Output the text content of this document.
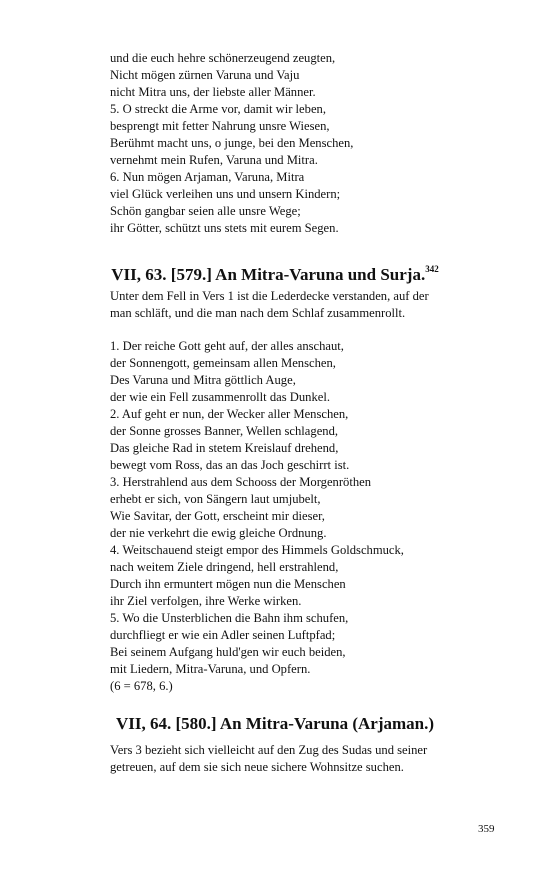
und die euch hehre schönerzeugend zeugten,
Nicht mögen zürnen Varuna und Vaju
nicht Mitra uns, der liebste aller Männer.
5. O streckt die Arme vor, damit wir leben,
besprengt mit fetter Nahrung unsre Wiesen,
Berühmt macht uns, o junge, bei den Menschen,
vernehmt mein Rufen, Varuna und Mitra.
6. Nun mögen Arjaman, Varuna, Mitra
viel Glück verleihen uns und unsern Kindern;
Schön gangbar seien alle unsre Wege;
ihr Götter, schützt uns stets mit eurem Segen.
VII, 63. [579.] An Mitra-Varuna und Surja.$^{342}$
Unter dem Fell in Vers 1 ist die Lederdecke verstanden, auf der
man schläft, und die man nach dem Schlaf zusammenrollt.
1. Der reiche Gott geht auf, der alles anschaut,
der Sonnengott, gemeinsam allen Menschen,
Des Varuna und Mitra göttlich Auge,
der wie ein Fell zusammenrollt das Dunkel.
2. Auf geht er nun, der Wecker aller Menschen,
der Sonne grosses Banner, Wellen schlagend,
Das gleiche Rad in stetem Kreislauf drehend,
bewegt vom Ross, das an das Joch geschirrt ist.
3. Herstrahlend aus dem Schooss der Morgenröthen
erhebt er sich, von Sängern laut umjubelt,
Wie Savitar, der Gott, erscheint mir dieser,
der nie verkehrt die ewig gleiche Ordnung.
4. Weitschauend steigt empor des Himmels Goldschmuck,
nach weitem Ziele dringend, hell erstrahlend,
Durch ihn ermuntert mögen nun die Menschen
ihr Ziel verfolgen, ihre Werke wirken.
5. Wo die Unsterblichen die Bahn ihm schufen,
durchfliegt er wie ein Adler seinen Luftpfad;
Bei seinem Aufgang huld'gen wir euch beiden,
mit Liedern, Mitra-Varuna, und Opfern.
(6 = 678, 6.)
VII, 64. [580.] An Mitra-Varuna (Arjaman.)
Vers 3 bezieht sich vielleicht auf den Zug des Sudas und seiner
getreuen, auf dem sie sich neue sichere Wohnsitze suchen.
359
